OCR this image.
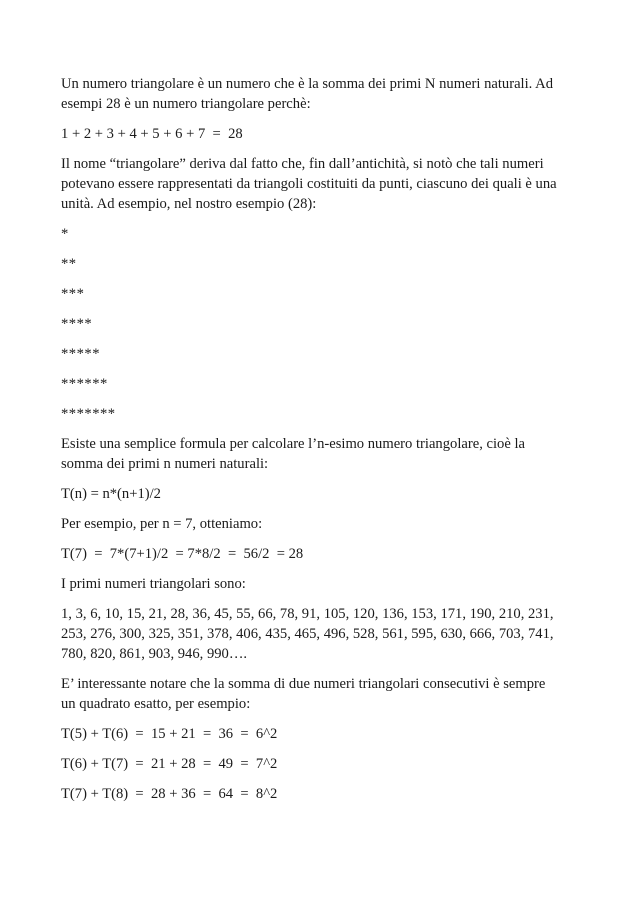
Un numero triangolare è un numero che è la somma dei primi N numeri naturali. Ad
esempi 28 è un numero triangolare perchè:

1 + 2 + 3 + 4 + 5 + 6 + 7  =  28

Il nome “triangolare” deriva dal fatto che, fin dall’antichità, si notò che tali numeri
potevano essere rappresentati da triangoli costituiti da punti, ciascuno dei quali è una
unità. Ad esempio, nel nostro esempio (28):

*
**
***
****
*****
******
*******

Esiste una semplice formula per calcolare l’n-esimo numero triangolare, cioè la
somma dei primi n numeri naturali:

T(n) = n*(n+1)/2

Per esempio, per n = 7, otteniamo:

T(7)  =  7*(7+1)/2  = 7*8/2  =  56/2  = 28

I primi numeri triangolari sono:

1, 3, 6, 10, 15, 21, 28, 36, 45, 55, 66, 78, 91, 105, 120, 136, 153, 171, 190, 210, 231,
253, 276, 300, 325, 351, 378, 406, 435, 465, 496, 528, 561, 595, 630, 666, 703, 741,
780, 820, 861, 903, 946, 990….

E’ interessante notare che la somma di due numeri triangolari consecutivi è sempre
un quadrato esatto, per esempio:

T(5) + T(6)  =  15 + 21  =  36  =  6^2

T(6) + T(7)  =  21 + 28  =  49  =  7^2

T(7) + T(8)  =  28 + 36  =  64  =  8^2
